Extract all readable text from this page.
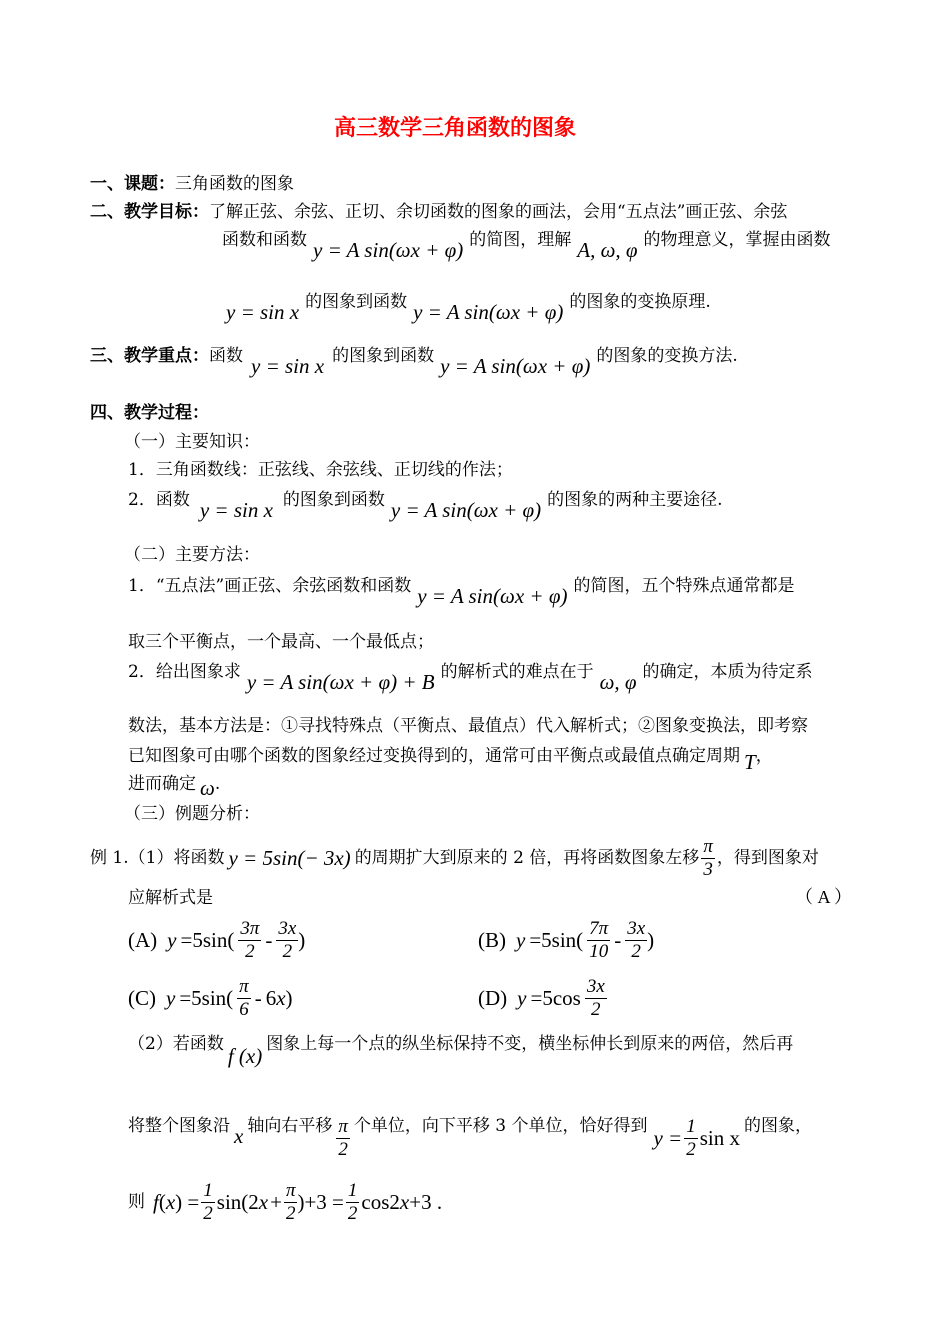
高三数学三角函数的图象
一、课题：三角函数的图象
二、教学目标：了解正弦、余弦、正切、余切函数的图象的画法，会用“五点法”画正弦、余弦
函数和函数 y = A sin(ωx + φ) 的简图，理解 A, ω, φ 的物理意义，掌握由函数
y = sin x 的图象到函数 y = A sin(ωx + φ) 的图象的变换原理.
三、教学重点： 函数 y = sin x 的图象到函数 y = A sin(ωx + φ) 的图象的变换方法.
四、教学过程：
（一）主要知识：
1．三角函数线：正弦线、余弦线、正切线的作法；
2．函数 y = sin x 的图象到函数 y = A sin(ωx + φ) 的图象的两种主要途径.
（二）主要方法：
1．“五点法”画正弦、余弦函数和函数 y = A sin(ωx + φ) 的简图，五个特殊点通常都是
取三个平衡点，一个最高、一个最低点；
2．给出图象求 y = A sin(ωx + φ) + B 的解析式的难点在于 ω, φ 的确定，本质为待定系
数法，基本方法是：①寻找特殊点（平衡点、最值点）代入解析式；②图象变换法，即考察
已知图象可由哪个函数的图象经过变换得到的，通常可由平衡点或最值点确定周期 T ，
进而确定 ω .
（三）例题分析：
例 1.（1）将函数 y = 5sin(− 3x) 的周期扩大到原来的 2 倍，再将函数图象左移 $\frac{\pi}{3}$ ，得到图象对
应解析式是	（ A ）
(A) $y =5\sin( \frac{3\pi}{2} - \frac{3x}{2}$ )	(B) $y =5\sin( \frac{7\pi}{10} - \frac{3x}{2}$ )
(C) $y =5\sin( \frac{\pi}{6} - 6$ x )	(D) $y =5\cos \frac{3x}{2}$
（2）若函数 f (x) 图象上每一个点的纵坐标保持不变，横坐标伸长到原来的两倍，然后再
将整个图象沿 x 轴向右平移 $\frac{\pi}{2}$ 个单位，向下平移 3 个单位，恰好得到 $y = \frac{1}{2}$ sin x 的图象，
则 f ( x ) = $\frac{1}{2} \sin(2$ $x + \frac{\pi}{2} )+3 = \frac{1}{2} \cos 2$ x +3 .
